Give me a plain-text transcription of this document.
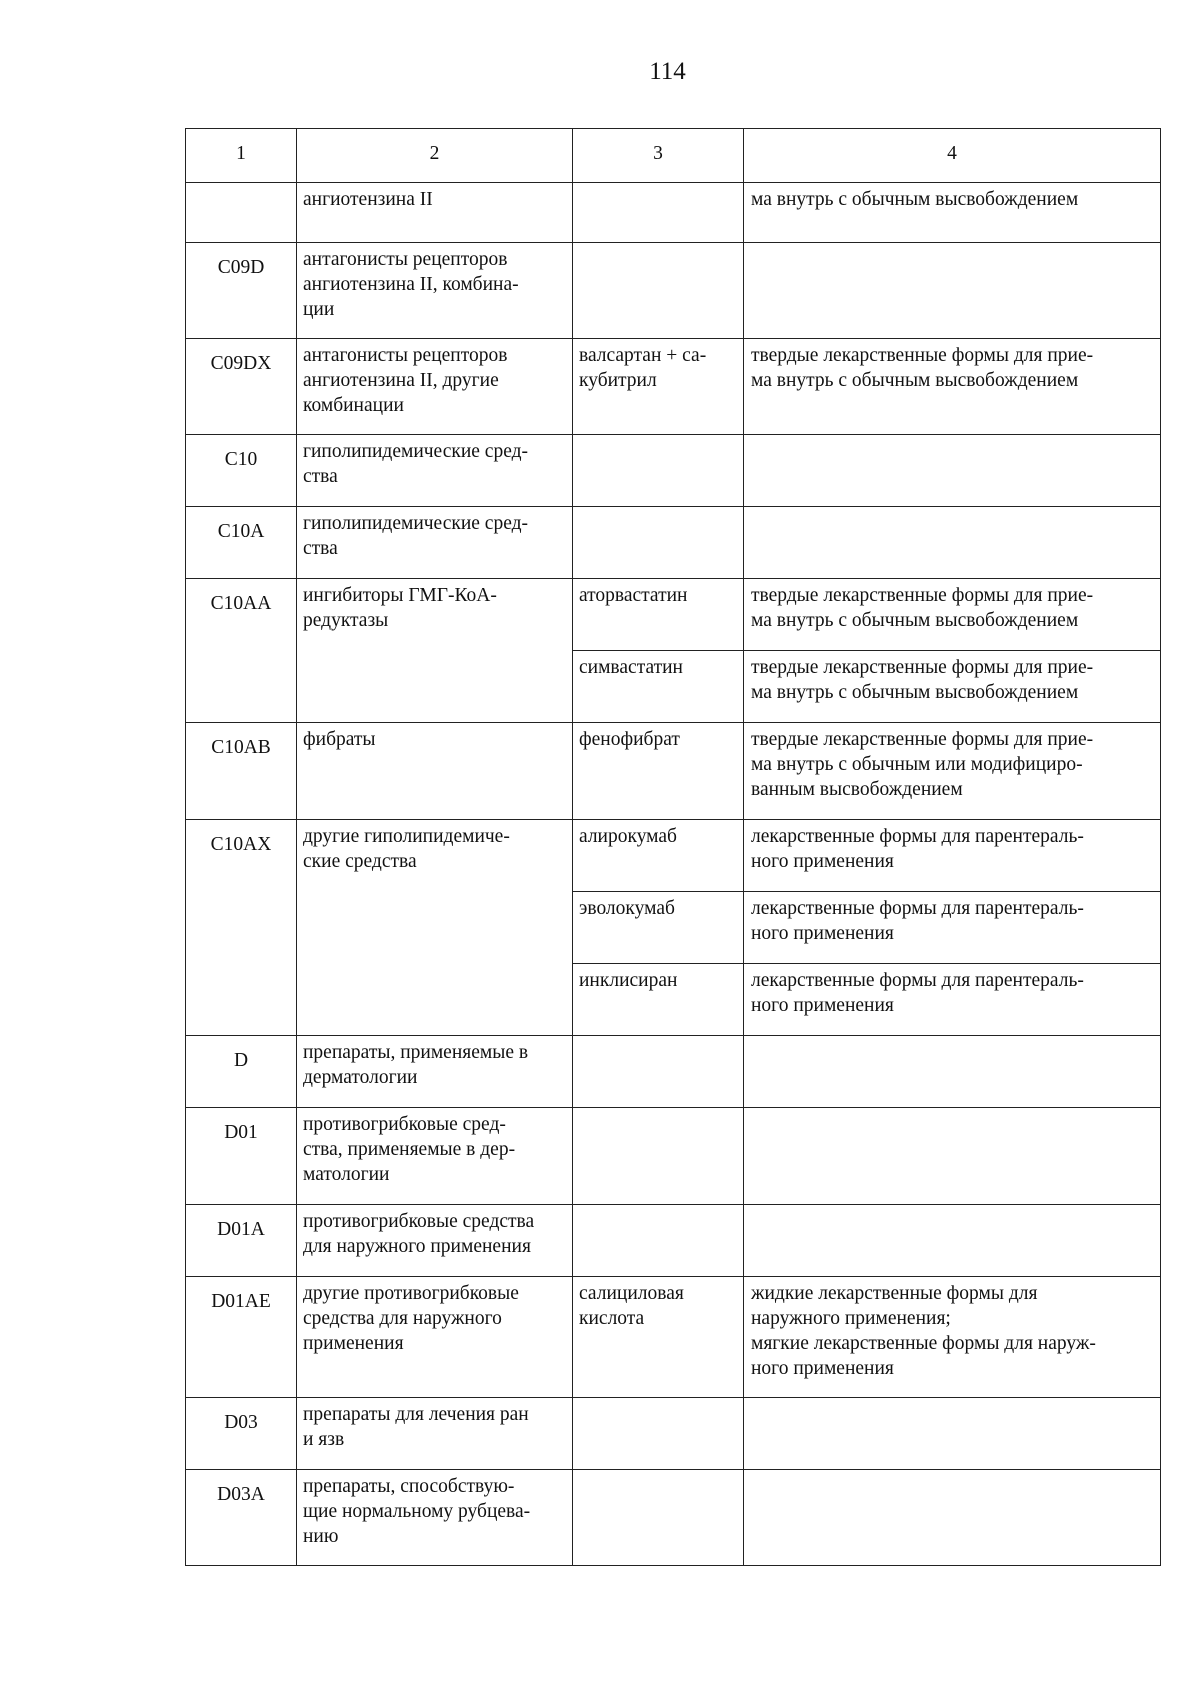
114
1	2	3	4

	ангиотензина II		ма внутрь с обычным высвобождением

C09D	антагонисты рецепторов
ангиотензина II, комбина-
ции		

C09DX	антагонисты рецепторов
ангиотензина II, другие
комбинации	валсартан + са-
кубитрил	твердые лекарственные формы для прие-
ма внутрь с обычным высвобождением

C10	гиполипидемические сред-
ства		

C10A	гиполипидемические сред-
ства		

C10AA	ингибиторы ГМГ-КоА-
редуктазы	аторвастатин	твердые лекарственные формы для прие-
ма внутрь с обычным высвобождением

		симвастатин	твердые лекарственные формы для прие-
ма внутрь с обычным высвобождением

C10AB	фибраты	фенофибрат	твердые лекарственные формы для прие-
ма внутрь с обычным или модифициро-
ванным высвобождением

C10AX	другие гиполипидемиче-
ские средства	алирокумаб	лекарственные формы для парентераль-
ного применения

		эволокумаб	лекарственные формы для парентераль-
ного применения

		инклисиран	лекарственные формы для парентераль-
ного применения

D	препараты, применяемые в
дерматологии		

D01	противогрибковые сред-
ства, применяемые в дер-
матологии		

D01A	противогрибковые средства
для наружного применения		

D01AE	другие противогрибковые
средства для наружного
применения	салициловая
кислота	жидкие лекарственные формы для
наружного применения;
мягкие лекарственные формы для наруж-
ного применения

D03	препараты для лечения ран
и язв		

D03A	препараты, способствую-
щие нормальному рубцева-
нию		
